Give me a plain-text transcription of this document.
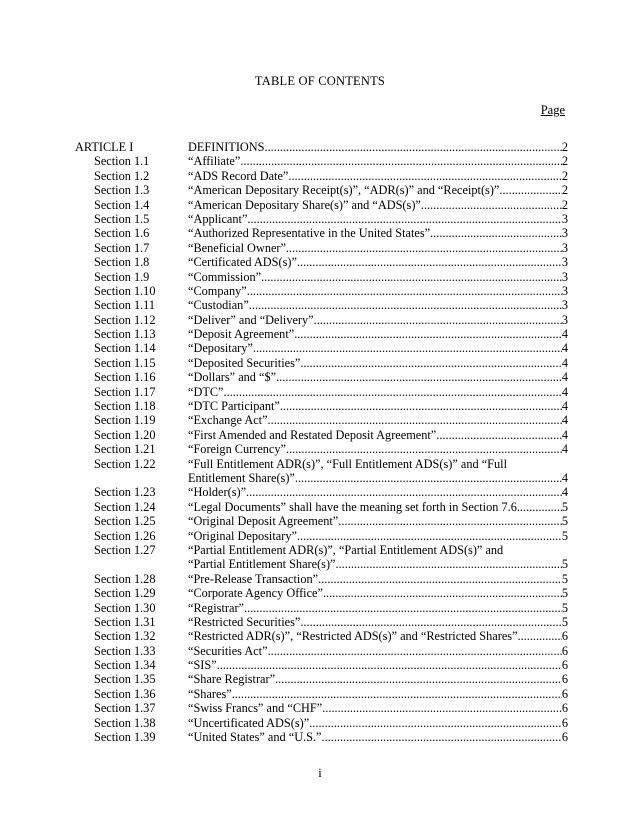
TABLE OF CONTENTS
Page
ARTICLE I	DEFINITIONS .....	2
Section 1.1	“Affiliate” .....	2
Section 1.2	“ADS Record Date” .....	2
Section 1.3	“American Depositary Receipt(s)”, “ADR(s)” and “Receipt(s)” .....	2
Section 1.4	“American Depositary Share(s)” and “ADS(s)” .....	2
Section 1.5	“Applicant” .....	3
Section 1.6	“Authorized Representative in the United States” .....	3
Section 1.7	“Beneficial Owner” .....	3
Section 1.8	“Certificated ADS(s)” .....	3
Section 1.9	“Commission” .....	3
Section 1.10	“Company” .....	3
Section 1.11	“Custodian” .....	3
Section 1.12	“Deliver” and “Delivery” .....	3
Section 1.13	“Deposit Agreement” .....	4
Section 1.14	“Depositary” .....	4
Section 1.15	“Deposited Securities” .....	4
Section 1.16	“Dollars” and “$” .....	4
Section 1.17	“DTC” .....	4
Section 1.18	“DTC Participant” .....	4
Section 1.19	“Exchange Act” .....	4
Section 1.20	“First Amended and Restated Deposit Agreement” .....	4
Section 1.21	“Foreign Currency” .....	4
Section 1.22	“Full Entitlement ADR(s)”, “Full Entitlement ADS(s)” and “Full
Entitlement Share(s)” .....	4
Section 1.23	“Holder(s)” .....	4
Section 1.24	“Legal Documents” shall have the meaning set forth in Section 7.6 .....	5
Section 1.25	“Original Deposit Agreement” .....	5
Section 1.26	“Original Depositary” .....	5
Section 1.27	“Partial Entitlement ADR(s)”, “Partial Entitlement ADS(s)” and
“Partial Entitlement Share(s)” .....	5
Section 1.28	“Pre-Release Transaction” .....	5
Section 1.29	“Corporate Agency Office” .....	5
Section 1.30	“Registrar” .....	5
Section 1.31	“Restricted Securities” .....	5
Section 1.32	“Restricted ADR(s)”, “Restricted ADS(s)” and “Restricted Shares” .....	6
Section 1.33	“Securities Act” .....	6
Section 1.34	“SIS” .....	6
Section 1.35	“Share Registrar” .....	6
Section 1.36	“Shares” .....	6
Section 1.37	“Swiss Francs” and “CHF” .....	6
Section 1.38	“Uncertificated ADS(s)” .....	6
Section 1.39	“United States” and “U.S.” .....	6
i
